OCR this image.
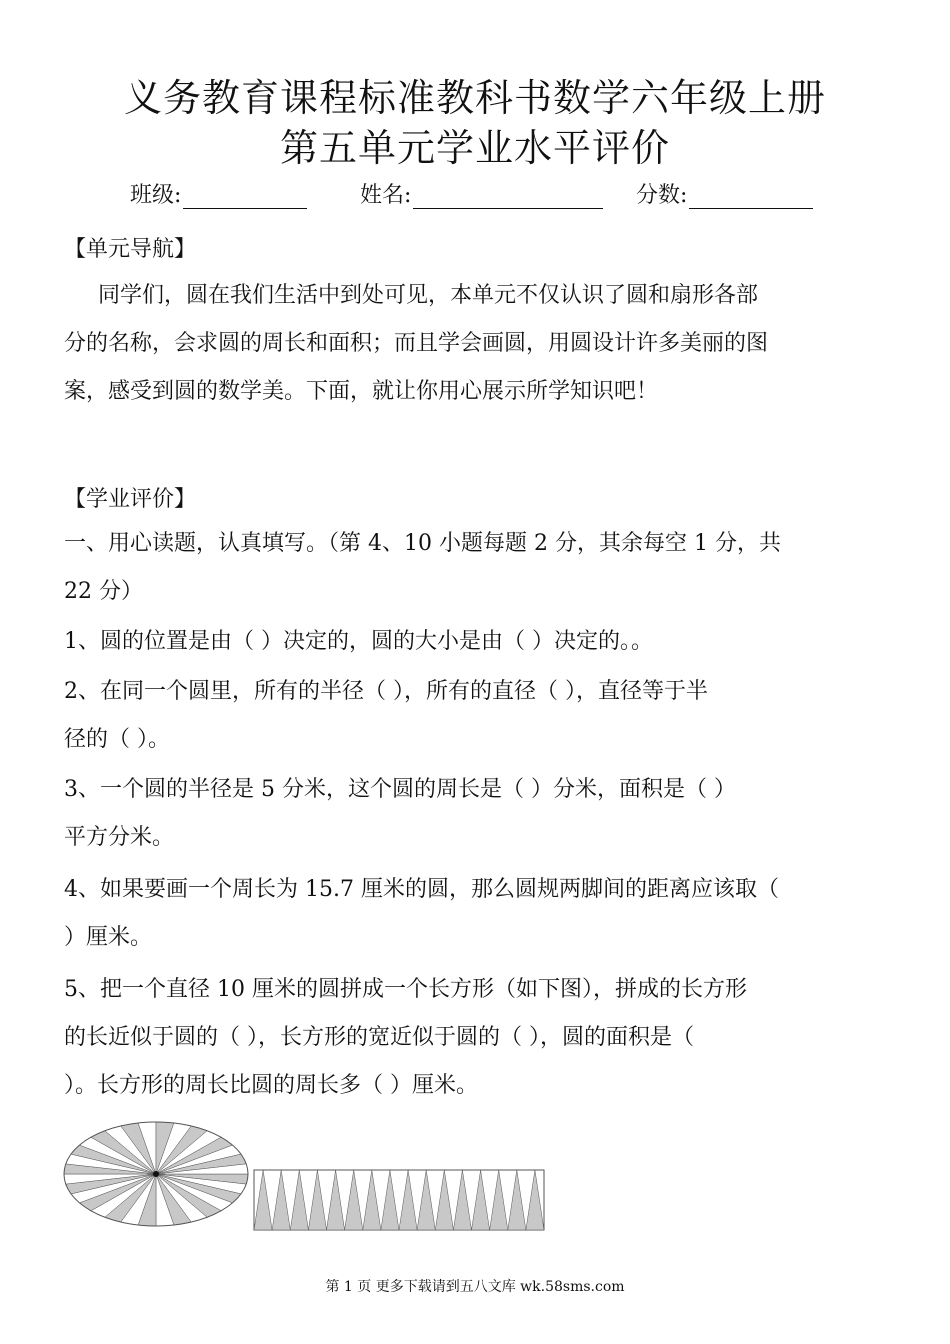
义务教育课程标准教科书数学六年级上册
第五单元学业水平评价
班级:	姓名:	分数:
【单元导航】

同学们，圆在我们生活中到处可见，本单元不仅认识了圆和扇形各部

分的名称，会求圆的周长和面积；而且学会画圆，用圆设计许多美丽的图

案，感受到圆的数学美。下面，就让你用心展示所学知识吧！

【学业评价】

一、用心读题，认真填写。（第 4、10 小题每题 2 分，其余每空 1 分，共

22 分）

1、圆的位置是由（ ）决定的，圆的大小是由（ ）决定的。。

2、在同一个圆里，所有的半径（ ），所有的直径（ ），直径等于半

径的（ ）。

3、一个圆的半径是 5 分米，这个圆的周长是（ ）分米，面积是（ ）

平方分米。

4、如果要画一个周长为 15.7 厘米的圆，那么圆规两脚间的距离应该取（

）厘米。

5、把一个直径 10 厘米的圆拼成一个长方形（如下图），拼成的长方形

的长近似于圆的（ ），长方形的宽近似于圆的（ ），圆的面积是（

）。长方形的周长比圆的周长多（ ）厘米。

第 1 页 更多下载请到五八文库 wk.58sms.com
